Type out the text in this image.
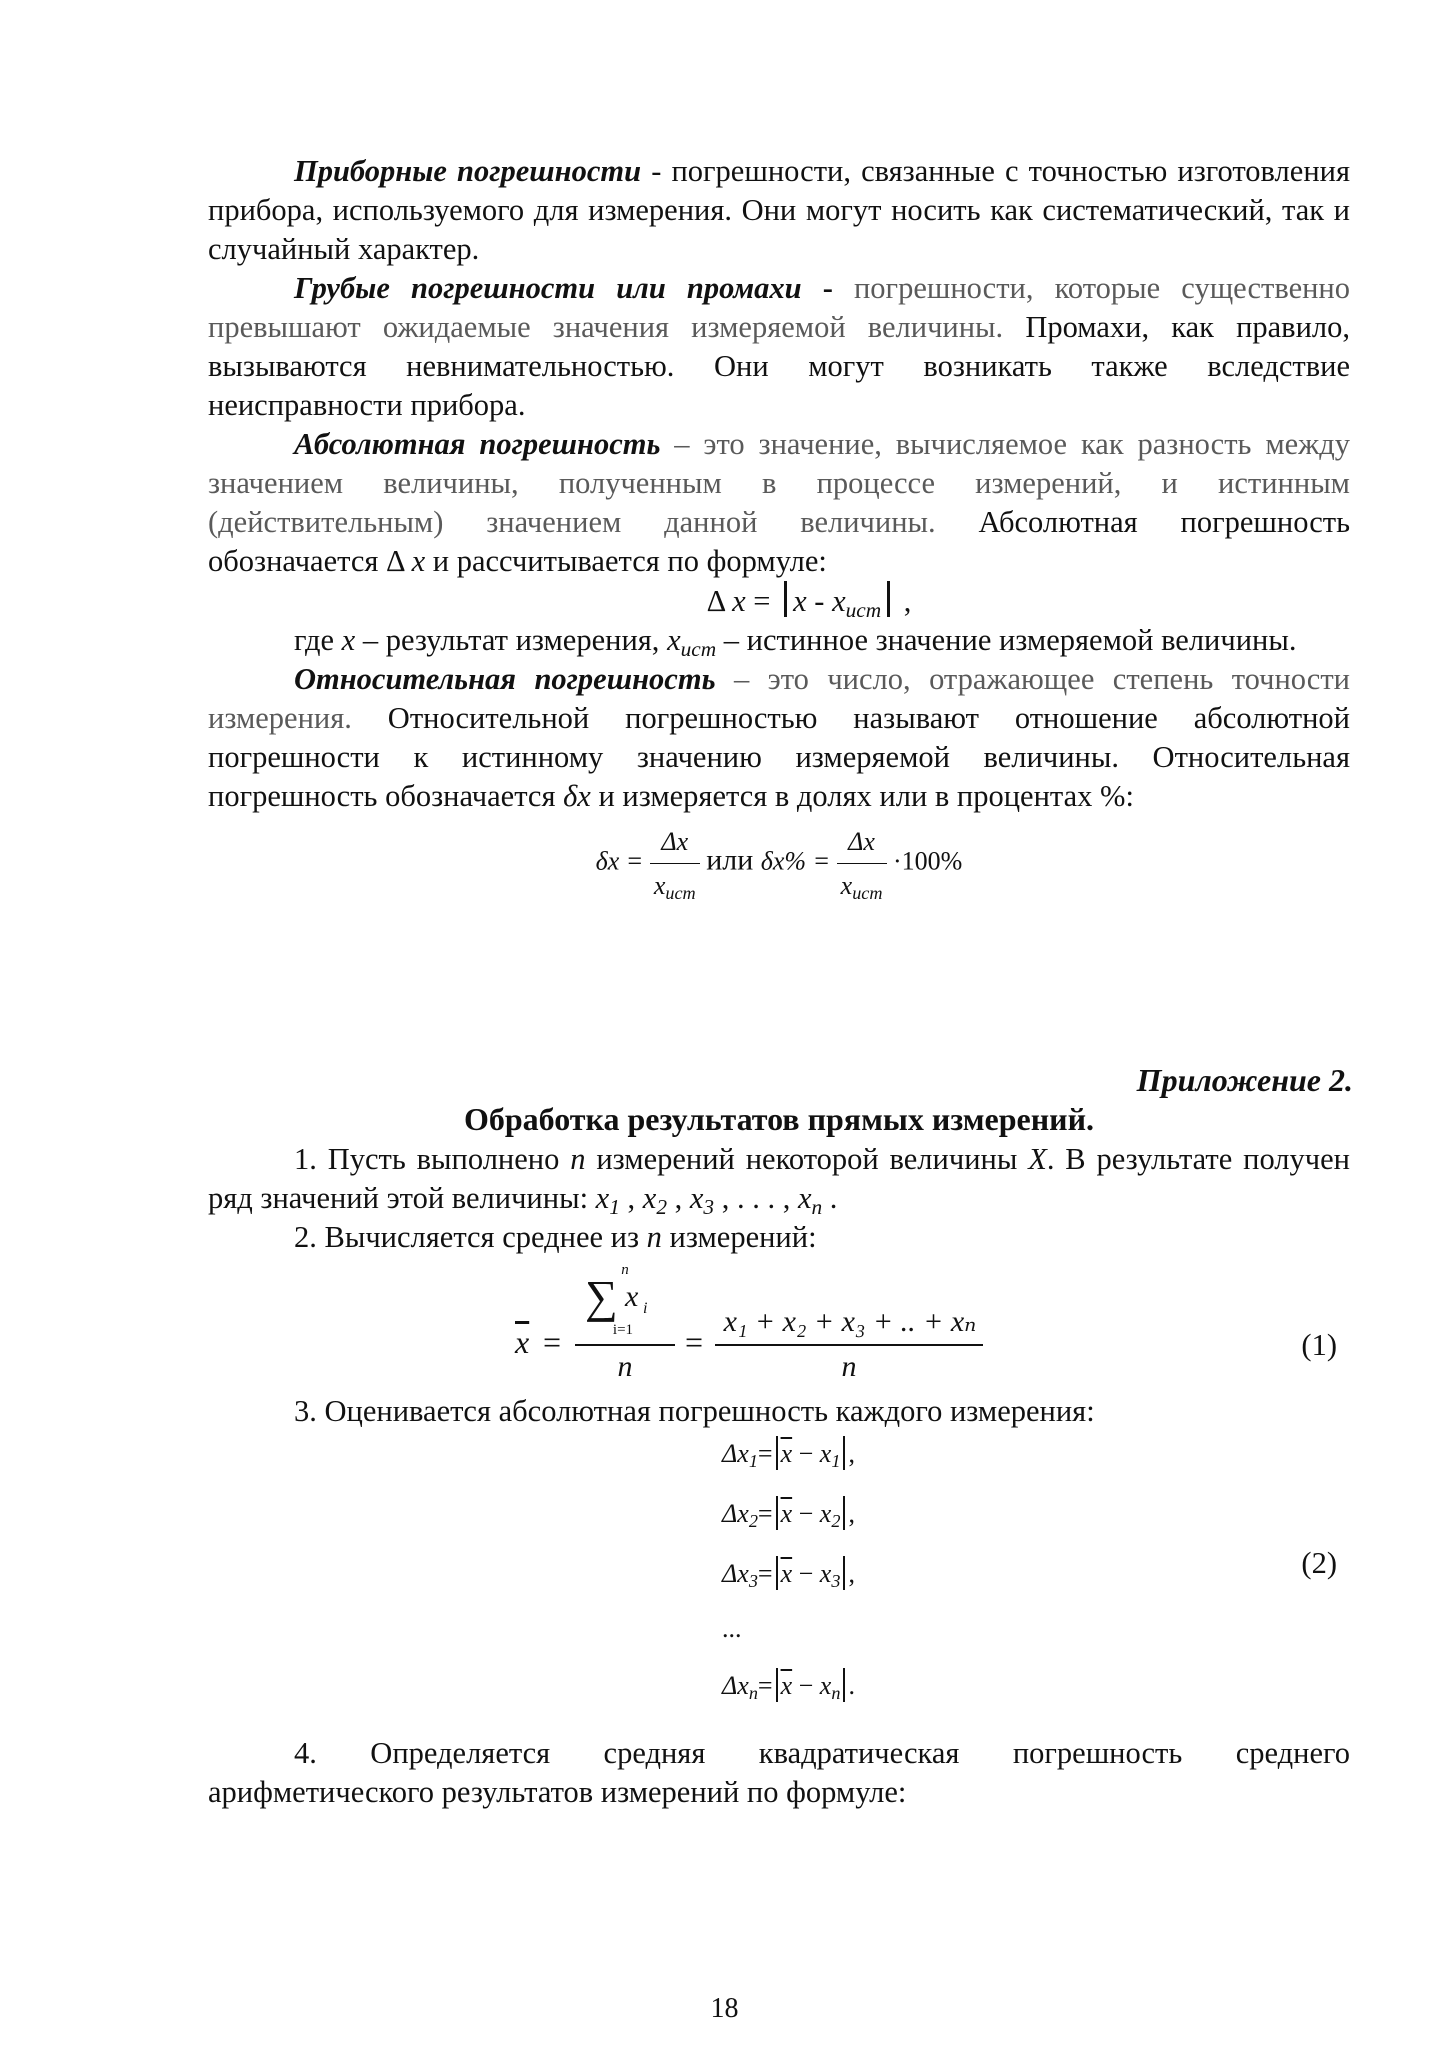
Приборные погрешности - погрешности, связанные с точностью изготовления прибора, используемого для измерения. Они могут носить как систематический, так и случайный характер.

Грубые погрешности или промахи - погрешности, которые существенно превышают ожидаемые значения измеряемой величины. Промахи, как правило, вызываются невнимательностью. Они могут возникать также вследствие неисправности прибора.

Абсолютная погрешность – это значение, вычисляемое как разность между значением величины, полученным в процессе измерений, и истинным (действительным) значением данной величины. Абсолютная погрешность обозначается Δ x и рассчитывается по формуле:

Δ $x = x - x_{ист}$ ,

где x – результат измерения, $x_{ист}$ – истинное значение измеряемой величины.

Относительная погрешность – это число, отражающее степень точности измерения. Относительной погрешностью называют отношение абсолютной погрешности к истинному значению измеряемой величины. Относительная погрешность обозначается δx и измеряется в долях или в процентах %:

$\delta x = \frac{\Delta x}{x_{ист}}$ или $\delta x\% = \frac{\Delta x}{x_{ист}} \cdot 100\%$
Приложение 2.
Обработка результатов прямых измерений.

1. Пусть выполнено n измерений некоторой величины X. В результате получен ряд значений этой величины: $x_1$ , $x_2$ , $x_3$ , . . . , $x_n$ .

2. Вычисляется среднее из n измерений:

$\overline{x}$ =
n
∑ x i
i=1
n
=
x₁ + x₂ + x₃ + .. + xₙ
n
(1)

3. Оцениваетcя абсолютная погрешность каждого измерения:

$\Delta x_1= \overline{x} - x_1$ ,
$\Delta x_2= \overline{x} - x_2$ ,
$\Delta x_3= \overline{x} - x_3$ ,
...
$\Delta x_n= \overline{x} - x_n$ .
(2)

4. Определяется средняя квадратическая погрешность среднего арифметического результатов измерений по формуле:

18
